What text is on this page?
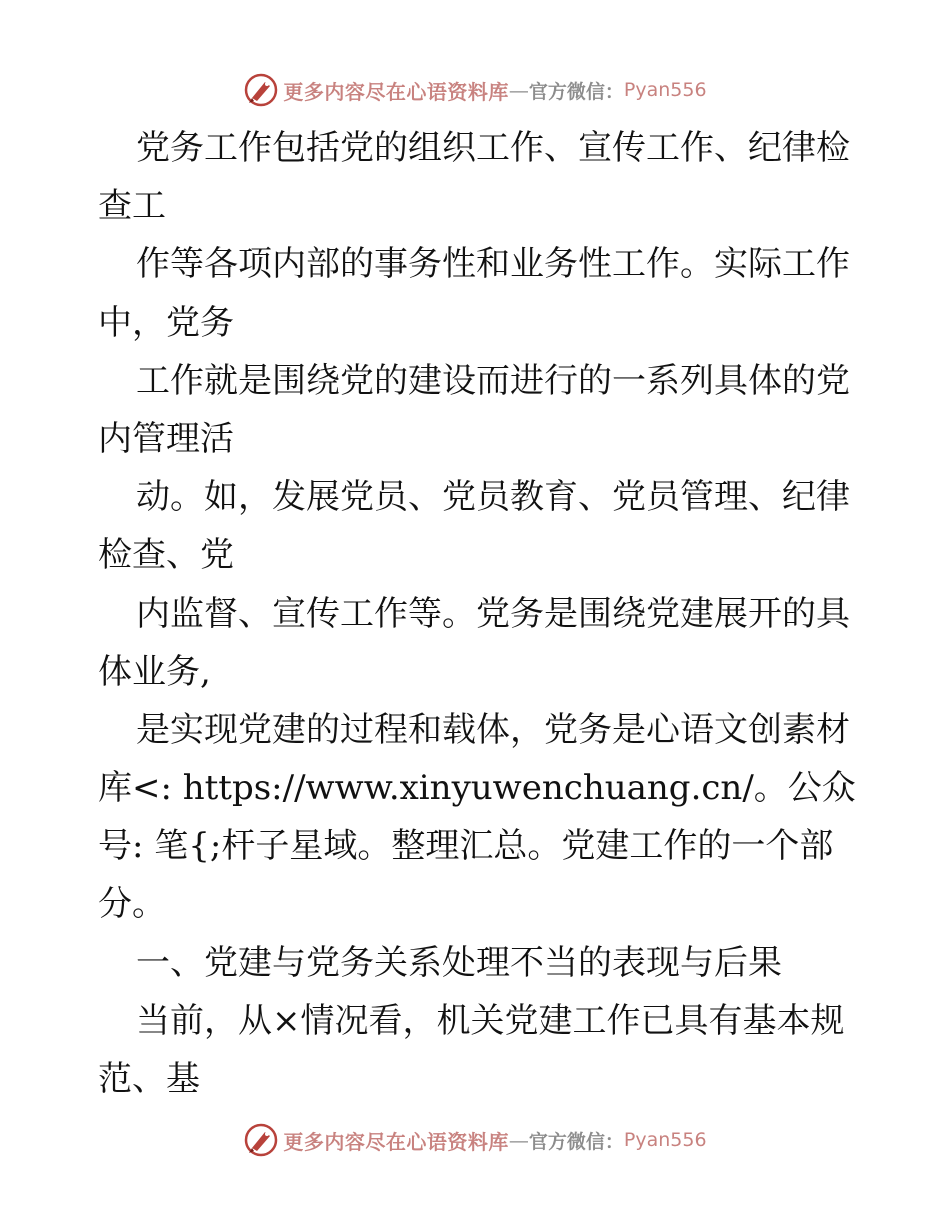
更多内容尽在心语资料库 — 官方微信： Pyan556
党务工作包括党的组织工作、宣传工作、纪律检
查工
作等各项内部的事务性和业务性工作。实际工作
中，党务
工作就是围绕党的建设而进行的一系列具体的党
内管理活
动。如，发展党员、党员教育、党员管理、纪律
检查、党
内监督、宣传工作等。党务是围绕党建展开的具
体业务,
是实现党建的过程和载体，党务是心语文创素材
库<: https://www.xinyuwenchuang.cn/。公众
号: 笔{;杆子星域。整理汇总。党建工作的一个部
分。
一、党建与党务关系处理不当的表现与后果
当前，从×情况看，机关党建工作已具有基本规
范、基
更多内容尽在心语资料库 — 官方微信： Pyan556
